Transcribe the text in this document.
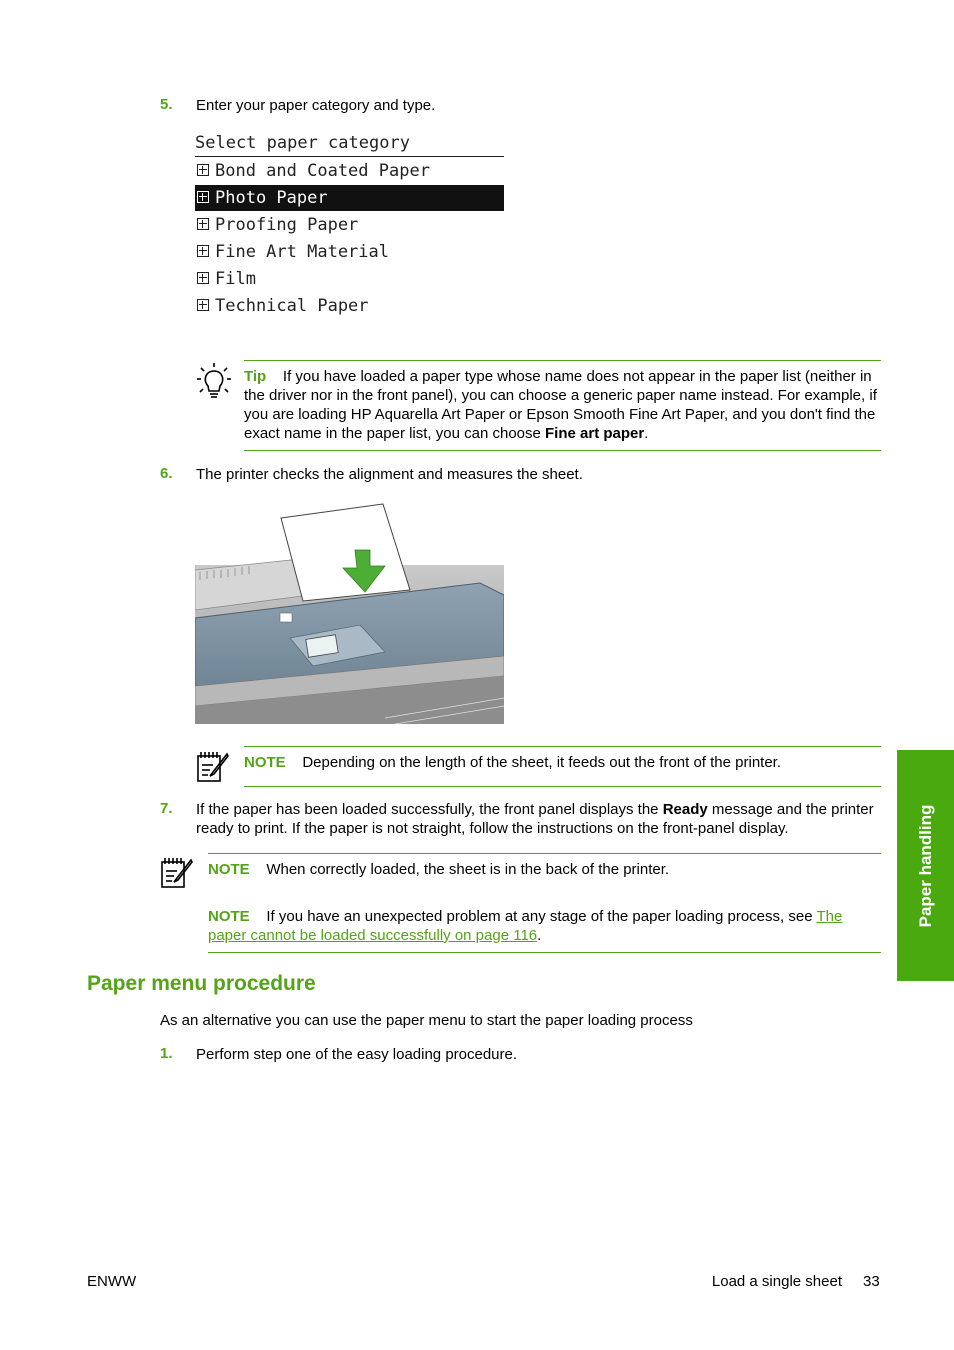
5. Enter your paper category and type.
Select paper category
Bond and Coated Paper
Photo Paper
Proofing Paper
Fine Art Material
Film
Technical Paper
Tip If you have loaded a paper type whose name does not appear in the paper list (neither in the driver nor in the front panel), you can choose a generic paper name instead. For example, if you are loading HP Aquarella Art Paper or Epson Smooth Fine Art Paper, and you don't find the exact name in the paper list, you can choose Fine art paper.
6. The printer checks the alignment and measures the sheet.
NOTE Depending on the length of the sheet, it feeds out the front of the printer.
7. If the paper has been loaded successfully, the front panel displays the Ready message and the printer ready to print. If the paper is not straight, follow the instructions on the front-panel display.
NOTE When correctly loaded, the sheet is in the back of the printer.
NOTE If you have an unexpected problem at any stage of the paper loading process, see The paper cannot be loaded successfully on page 116.
Paper menu procedure
As an alternative you can use the paper menu to start the paper loading process
1. Perform step one of the easy loading procedure.
Paper handling
ENWW	Load a single sheet 33
